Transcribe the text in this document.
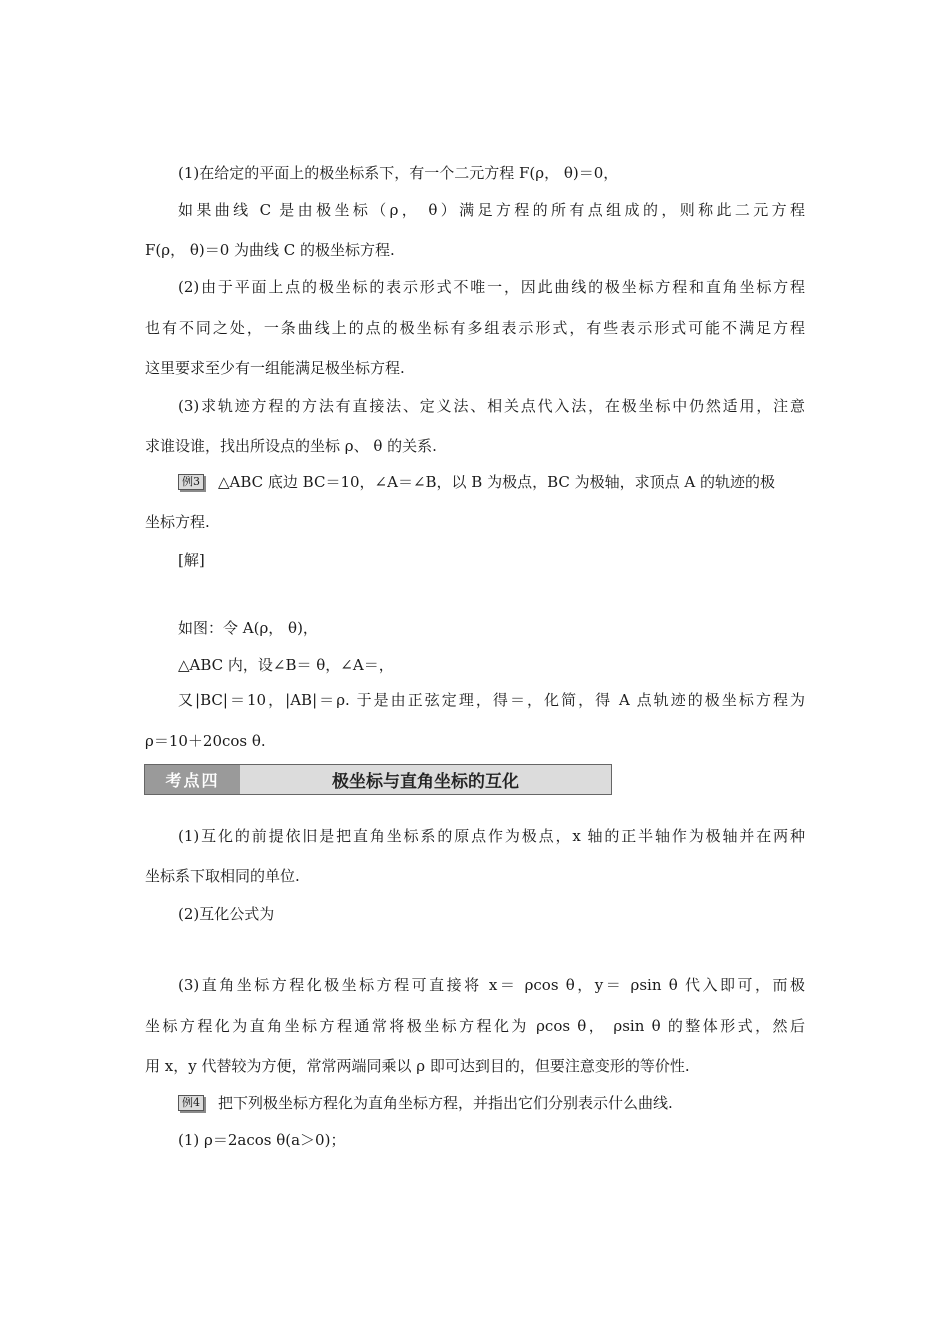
(1)在给定的平面上的极坐标系下，有一个二元方程 F(ρ， θ)＝0，
如果曲线 C 是由极坐标（ρ， θ）满足方程的所有点组成的，则称此二元方程
F(ρ， θ)＝0 为曲线 C 的极坐标方程.
(2)由于平面上点的极坐标的表示形式不唯一，因此曲线的极坐标方程和直角坐标方程
也有不同之处，一条曲线上的点的极坐标有多组表示形式，有些表示形式可能不满足方程
这里要求至少有一组能满足极坐标方程.
(3)求轨迹方程的方法有直接法、定义法、相关点代入法，在极坐标中仍然适用，注意
求谁设谁，找出所设点的坐标 ρ、 θ 的关系.
例3 △ABC 底边 BC＝10，∠A＝∠B，以 B 为极点，BC 为极轴，求顶点 A 的轨迹的极
坐标方程.
[解]
如图：令 A(ρ， θ)，
△ABC 内，设∠B＝ θ，∠A＝，
又|BC|＝10，|AB|＝ρ. 于是由正弦定理，得＝，化简，得 A 点轨迹的极坐标方程为
ρ＝10＋20cos θ.
考点四	极坐标与直角坐标的互化
(1)互化的前提依旧是把直角坐标系的原点作为极点，x 轴的正半轴作为极轴并在两种
坐标系下取相同的单位.
(2)互化公式为
(3)直角坐标方程化极坐标方程可直接将 x＝ ρcos θ，y＝ ρsin θ 代入即可，而极
坐标方程化为直角坐标方程通常将极坐标方程化为 ρcos θ， ρsin θ 的整体形式，然后
用 x，y 代替较为方便，常常两端同乘以 ρ 即可达到目的，但要注意变形的等价性.
例4 把下列极坐标方程化为直角坐标方程，并指出它们分别表示什么曲线.
(1) ρ＝2acos θ(a＞0)；
